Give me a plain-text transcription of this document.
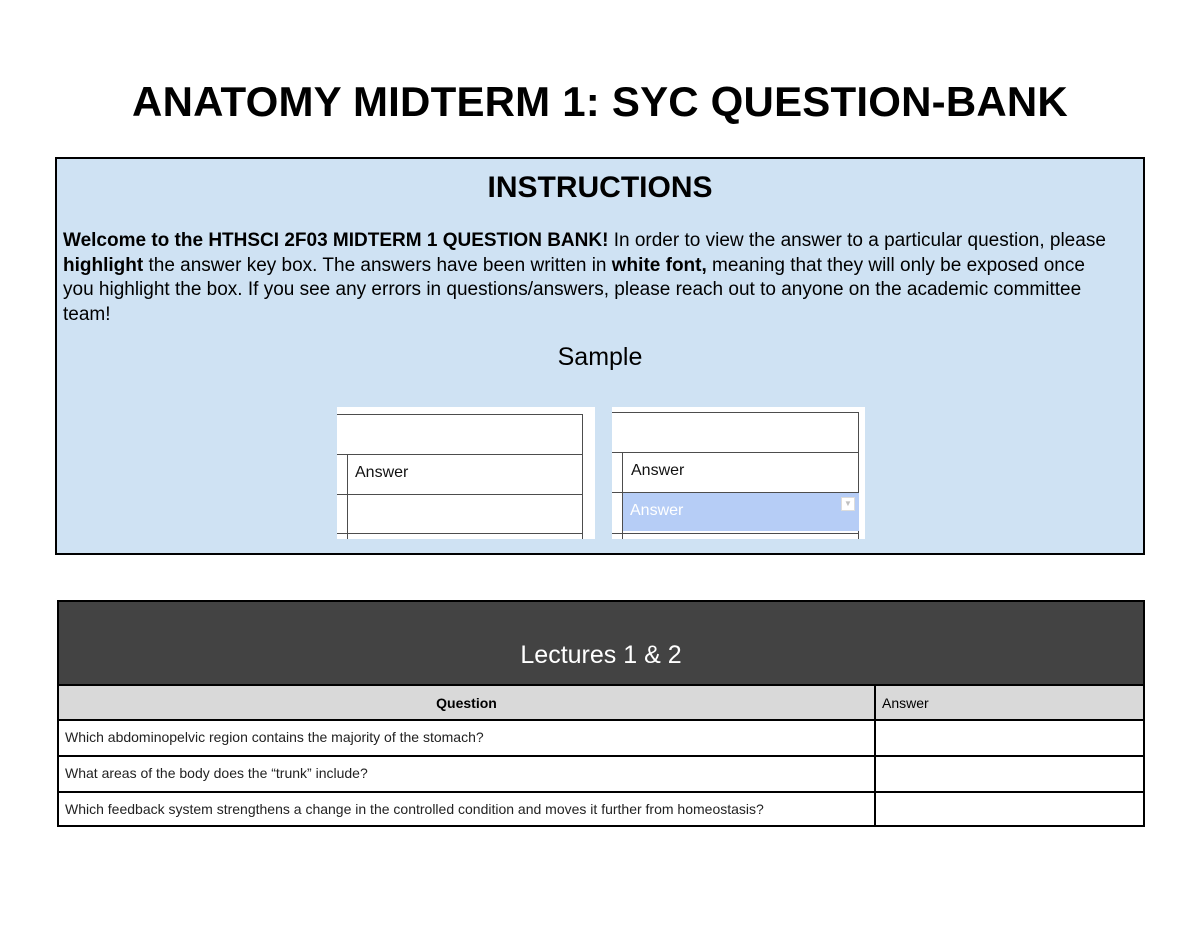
ANATOMY MIDTERM 1: SYC QUESTION-BANK
INSTRUCTIONS
Welcome to the HTHSCI 2F03 MIDTERM 1 QUESTION BANK! In order to view the answer to a particular question, please highlight the answer key box. The answers have been written in white font, meaning that they will only be exposed once you highlight the box. If you see any errors in questions/answers, please reach out to anyone on the academic committee team!
Sample
Answer	Answer
Answer	▼
Lectures 1 & 2	
Question	Answer
Which abdominopelvic region contains the majority of the stomach?	
What areas of the body does the “trunk” include?	
Which feedback system strengthens a change in the controlled condition and moves it further from homeostasis?	
